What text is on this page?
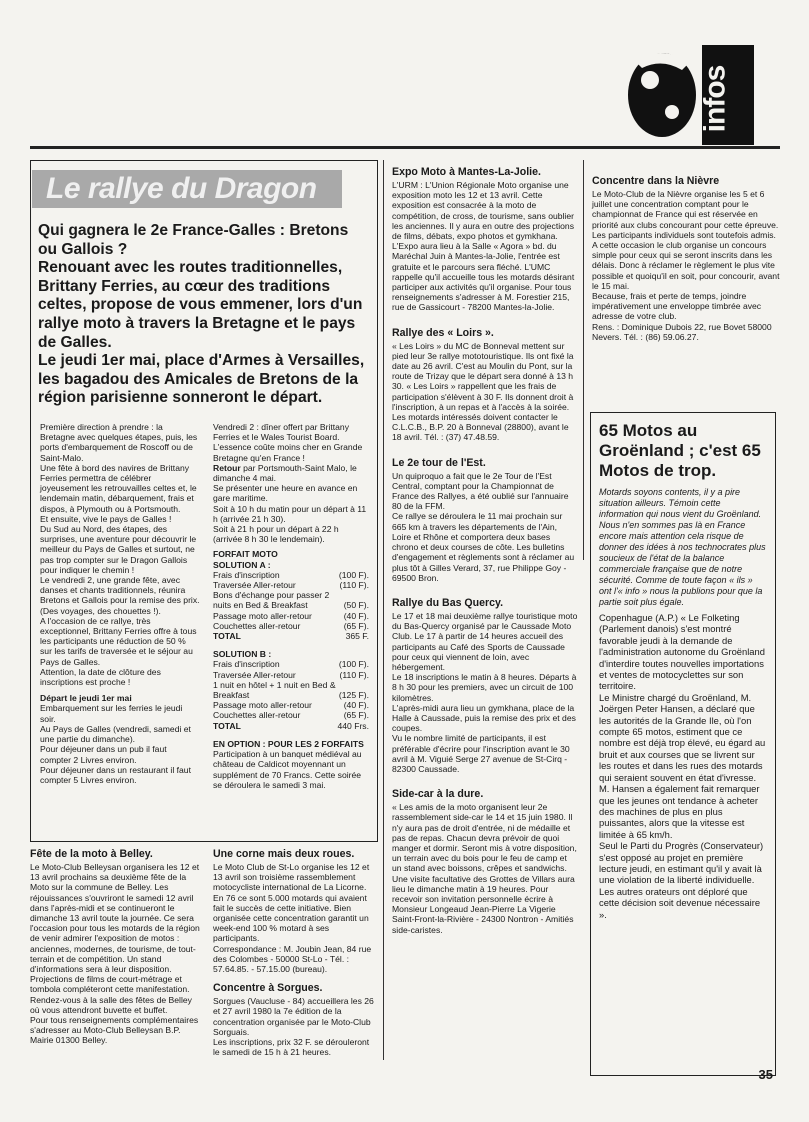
infos
Le rallye du Dragon

Qui gagnera le 2e France-Galles : Bretons ou Gallois ?

Renouant avec les routes traditionnelles, Brittany Ferries, au cœur des traditions celtes, propose de vous emmener, lors d'un rallye moto à travers la Bretagne et le pays de Galles.

Le jeudi 1er mai, place d'Armes à Versailles, les bagadou des Amicales de Bretons de la région parisienne sonneront le départ.

Première direction à prendre : la Bretagne avec quelques étapes, puis, les ports d'embarquement de Roscoff ou de Saint-Malo.

Une fête à bord des navires de Brittany Ferries permettra de célébrer joyeusement les retrouvailles celtes et, le lendemain matin, débarquement, frais et dispos, à Plymouth ou à Portsmouth.

Et ensuite, vive le pays de Galles !

Du Sud au Nord, des étapes, des surprises, une aventure pour découvrir le meilleur du Pays de Galles et surtout, ne pas trop compter sur le Dragon Gallois pour indiquer le chemin !

Le vendredi 2, une grande fête, avec danses et chants traditionnels, réunira Bretons et Gallois pour la remise des prix. (Des voyages, des chouettes !).

A l'occasion de ce rallye, très exceptionnel, Brittany Ferries offre à tous les participants une réduction de 50 % sur les tarifs de traversée et le séjour au Pays de Galles.

Attention, la date de clôture des inscriptions est proche !

Départ le jeudi 1er mai
Embarquement sur les ferries le jeudi soir.

Au Pays de Galles (vendredi, samedi et une partie du dimanche).

Pour déjeuner dans un pub il faut compter 2 Livres environ.

Pour déjeuner dans un restaurant il faut compter 5 Livres environ.

Vendredi 2 : dîner offert par Brittany Ferries et le Wales Tourist Board.

L'essence coûte moins cher en Grande Bretagne qu'en France !

Retour par Portsmouth-Saint Malo, le dimanche 4 mai.

Se présenter une heure en avance en gare maritime.

Soit à 10 h du matin pour un départ à 11 h (arrivée 21 h 30).

Soit à 21 h pour un départ à 22 h (arrivée 8 h 30 le lendemain).

FORFAIT MOTO

SOLUTION A :

Frais d'inscription	(100 F).
Traversée Aller-retour	(110 F).
Bons d'échange pour passer 2 nuits en Bed & Breakfast	(50 F).
Passage moto aller-retour	(40 F).
Couchettes aller-retour	(65 F).
TOTAL	365 F.

SOLUTION B :

Frais d'inscription	(100 F).
Traversée Aller-retour	(110 F).
1 nuit en hôtel + 1 nuit en Bed & Breakfast	(125 F).
Passage moto aller-retour	(40 F).
Couchettes aller-retour	(65 F).
TOTAL	440 Frs.

EN OPTION : POUR LES 2 FORFAITS

Participation à un banquet médiéval au château de Caldicot moyennant un supplément de 70 Francs. Cette soirée se déroulera le samedi 3 mai.

Fête de la moto à Belley.

Le Moto-Club Belleysan organisera les 12 et 13 avril prochains sa deuxième fête de la Moto sur la commune de Belley. Les réjouissances s'ouvriront le samedi 12 avril dans l'après-midi et se continueront le dimanche 13 avril toute la journée. Ce sera l'occasion pour tous les motards de la région de venir admirer l'exposition de motos : anciennes, modernes, de tourisme, de tout-terrain et de compétition. Un stand d'informations sera à leur disposition. Projections de films de court-métrage et tombola compléteront cette manifestation. Rendez-vous à la salle des fêtes de Belley où vous attendront buvette et buffet.

Pour tous renseignements complémentaires s'adresser au Moto-Club Belleysan B.P. Mairie 01300 Belley.

Une corne mais deux roues.

Le Moto Club de St-Lo organise les 12 et 13 avril son troisième rassemblement motocycliste international de La Licorne. En 76 ce sont 5.000 motards qui avaient fait le succès de cette initiative. Bien organisée cette concentration garantit un week-end 100 % motard à ses participants.

Correspondance : M. Joubin Jean, 84 rue des Colombes - 50000 St-Lo - Tél. : 57.64.85. - 57.15.00 (bureau).

Concentre à Sorgues.

Sorgues (Vaucluse - 84) accueillera les 26 et 27 avril 1980 la 7e édition de la concentration organisée par le Moto-Club Sorguais.

Les inscriptions, prix 32 F. se dérouleront le samedi de 15 h à 21 heures.

Expo Moto à Mantes-La-Jolie.

L'URM : L'Union Régionale Moto organise une exposition moto les 12 et 13 avril. Cette exposition est consacrée à la moto de compétition, de cross, de tourisme, sans oublier les anciennes. Il y aura en outre des projections de films, débats, expo photos et gymkhana. L'Expo aura lieu à la Salle « Agora » bd. du Maréchal Juin à Mantes-la-Jolie, l'entrée est gratuite et le parcours sera fléché. L'UMC rappelle qu'il accueille tous les motards désirant participer aux activités qu'il organise. Pour tous renseignements s'adresser à M. Forestier 215, rue de Gassicourt - 78200 Mantes-la-Jolie.

Rallye des « Loirs ».

« Les Loirs » du MC de Bonneval mettent sur pied leur 3e rallye mototouristique. Ils ont fixé la date au 26 avril. C'est au Moulin du Pont, sur la route de Trizay que le départ sera donné à 13 h 30. « Les Loirs » rappellent que les frais de participation s'élèvent à 30 F. Ils donnent droit à l'inscription, à un repas et à l'accès à la soirée.

Les motards intéressés doivent contacter le C.L.C.B., B.P. 20 à Bonneval (28800), avant le 18 avril. Tél. : (37) 47.48.59.

Le 2e tour de l'Est.

Un quiproquo a fait que le 2e Tour de l'Est Central, comptant pour la Championnat de France des Rallyes, a été oublié sur l'annuaire 80 de la FFM.

Ce rallye se déroulera le 11 mai prochain sur 665 km à travers les départements de l'Ain, Loire et Rhône et comportera deux bases chrono et deux courses de côte. Les bulletins d'engagement et règlements sont à réclamer au plus tôt à Gilles Verard, 37, rue Philippe Goy - 69500 Bron.

Rallye du Bas Quercy.

Le 17 et 18 mai deuxième rallye touristique moto du Bas-Quercy organisé par le Caussade Moto Club. Le 17 à partir de 14 heures accueil des participants au Café des Sports de Caussade pour ceux qui viennent de loin, avec hébergement.

Le 18 inscriptions le matin à 8 heures. Départs à 8 h 30 pour les premiers, avec un circuit de 100 kilomètres.

L'après-midi aura lieu un gymkhana, place de la Halle à Caussade, puis la remise des prix et des coupes.

Vu le nombre limité de participants, il est préférable d'écrire pour l'inscription avant le 30 avril à M. Viguié Serge 27 avenue de St-Cirq - 82300 Caussade.

Side-car à la dure.

« Les amis de la moto organisent leur 2e rassemblement side-car le 14 et 15 juin 1980. Il n'y aura pas de droit d'entrée, ni de médaille et pas de repas. Chacun devra prévoir de quoi manger et dormir. Seront mis à votre disposition, un terrain avec du bois pour le feu de camp et un stand avec boissons, crêpes et sandwichs. Une visite facultative des Grottes de Villars aura lieu le dimanche matin à 19 heures. Pour recevoir son invitation personnelle écrire à Monsieur Longeaud Jean-Pierre La Vigerie Saint-Front-la-Rivière - 24300 Nontron - Amitiés side-caristes.

Concentre dans la Nièvre

Le Moto-Club de la Nièvre organise les 5 et 6 juillet une concentration comptant pour le championnat de France qui est réservée en priorité aux clubs concourant pour cette épreuve.

Les participants individuels sont toutefois admis.

A cette occasion le club organise un concours simple pour ceux qui se seront inscrits dans les délais. Donc à réclamer le règlement le plus vite possible et quoiqu'il en soit, pour concourir, avant le 15 mai.

Because, frais et perte de temps, joindre impérativement une enveloppe timbrée avec adresse de votre club.

Rens. : Dominique Dubois 22, rue Bovet 58000 Nevers. Tél. : (86) 59.06.27.

65 Motos au Groënland ; c'est 65 Motos de trop.

Motards soyons contents, il y a pire situation ailleurs. Témoin cette information qui nous vient du Groënland. Nous n'en sommes pas là en France encore mais attention cela risque de donner des idées à nos technocrates plus soucieux de l'état de la balance commerciale française que de notre sécurité. Comme de toute façon « ils » ont l'« info » nous la publions pour que la partie soit plus égale.

Copenhague (A.P.) « Le Folketing (Parlement danois) s'est montré favorable jeudi à la demande de l'administration autonome du Groënland d'interdire toutes nouvelles importations et ventes de motocyclettes sur son territoire.

Le Ministre chargé du Groënland, M. Joërgen Peter Hansen, a déclaré que les autorités de la Grande Ile, où l'on compte 65 motos, estiment que ce nombre est déjà trop élevé, eu égard au bruit et aux courses que se livrent sur les routes et dans les rues des motards qui seraient souvent en état d'ivresse.

M. Hansen a également fait remarquer que les jeunes ont tendance à acheter des machines de plus en plus puissantes, alors que la vitesse est limitée à 65 km/h.

Seul le Parti du Progrès (Conservateur) s'est opposé au projet en première lecture jeudi, en estimant qu'il y avait là une violation de la liberté individuelle. Les autres orateurs ont déploré que cette décision soit devenue nécessaire ».

35
